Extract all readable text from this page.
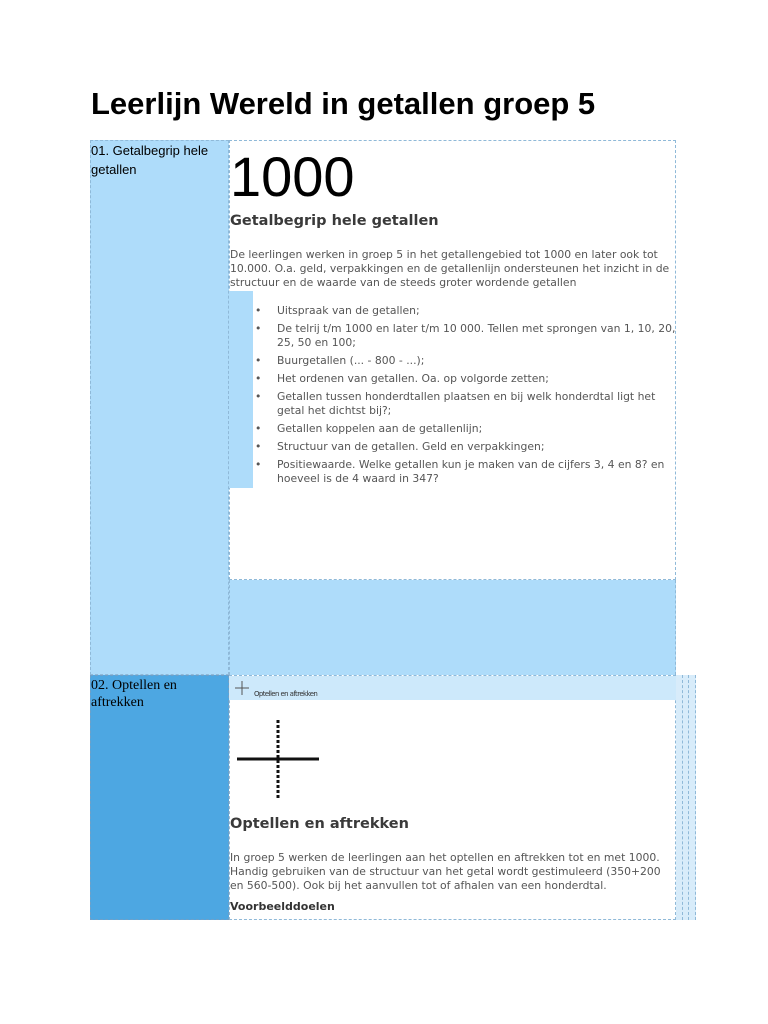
Leerlijn Wereld in getallen groep 5
01. Getalbegrip hele getallen	1000
Getalbegrip hele getallen
De leerlingen werken in groep 5 in het getallengebied tot 1000 en later ook tot 10.000. O.a. geld, verpakkingen en de getallenlijn ondersteunen het inzicht in de structuur en de waarde van de steeds groter wordende getallen
• Uitspraak van de getallen;
• De telrij t/m 1000 en later t/m 10 000. Tellen met sprongen van 1, 10, 20, 25, 50 en 100;
• Buurgetallen (... - 800 - ...);
• Het ordenen van getallen. Oa. op volgorde zetten;
• Getallen tussen honderdtallen plaatsen en bij welk honderdtal ligt het getal het dichtst bij?;
• Getallen koppelen aan de getallenlijn;
• Structuur van de getallen. Geld en verpakkingen;
• Positiewaarde. Welke getallen kun je maken van de cijfers 3, 4 en 8? en hoeveel is de 4 waard in 347?
02. Optellen en aftrekken
Optellen en aftrekken
Optellen en aftrekken
In groep 5 werken de leerlingen aan het optellen en aftrekken tot en met 1000. Handig gebruiken van de structuur van het getal wordt gestimuleerd (350+200 en 560-500). Ook bij het aanvullen tot of afhalen van een honderdtal.
Voorbeelddoelen
